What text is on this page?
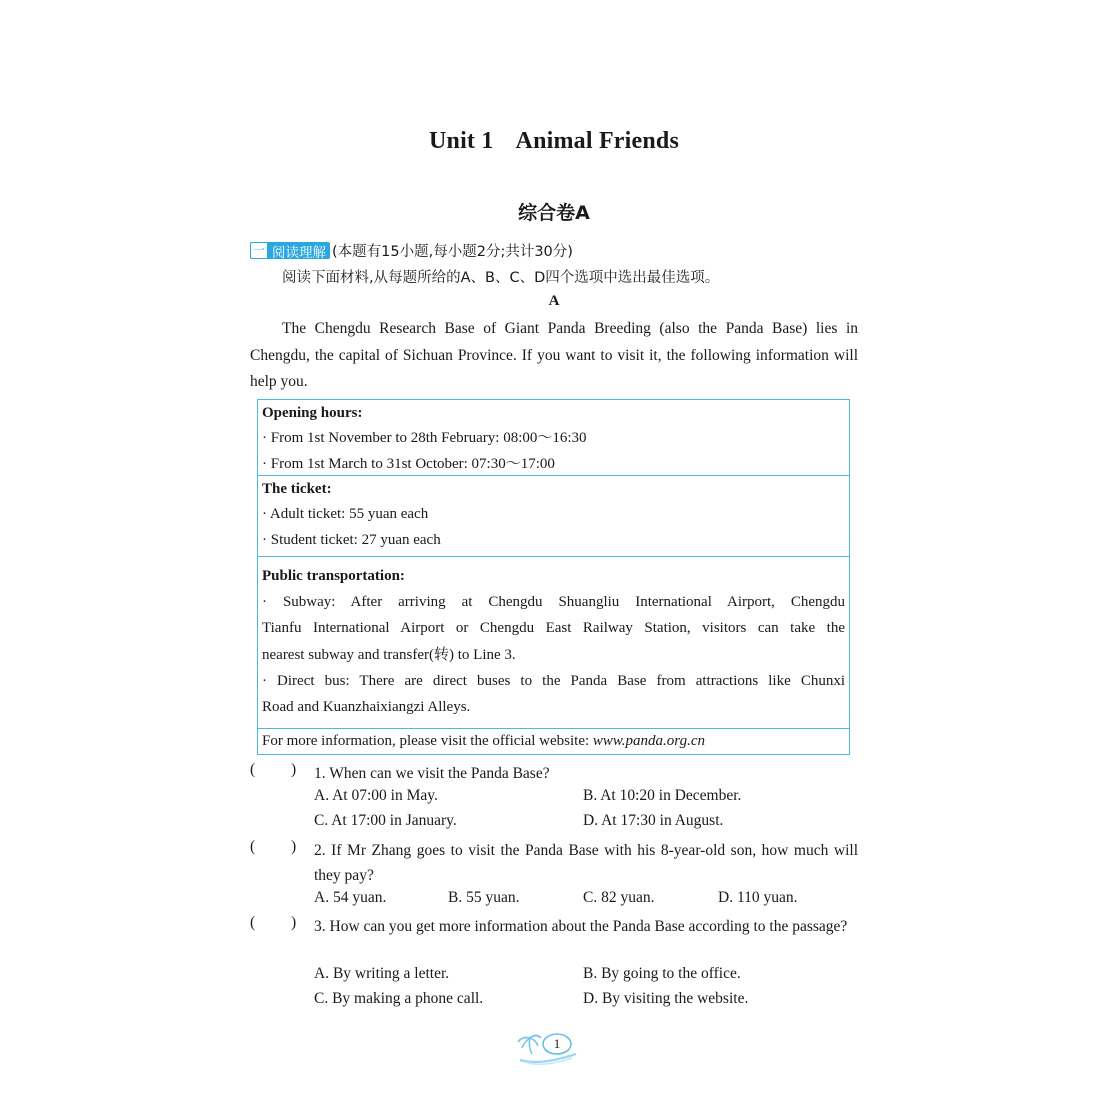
Unit 1 Animal Friends
综合卷A
一 阅读理解 (本题有15小题,每小题2分;共计30分)
阅读下面材料,从每题所给的A、B、C、D四个选项中选出最佳选项。
A
The Chengdu Research Base of Giant Panda Breeding (also the Panda Base) lies in Chengdu, the capital of Sichuan Province. If you want to visit it, the following information will help you.
Opening hours:
· From 1st November to 28th February: 08:00～16:30
· From 1st March to 31st October: 07:30～17:00
The ticket:
· Adult ticket: 55 yuan each
· Student ticket: 27 yuan each
Public transportation:
· Subway: After arriving at Chengdu Shuangliu International Airport, Chengdu
Tianfu International Airport or Chengdu East Railway Station, visitors can take the
nearest subway and transfer(转) to Line 3.
· Direct bus: There are direct buses to the Panda Base from attractions like Chunxi
Road and Kuanzhaixiangzi Alleys.
For more information, please visit the official website: www.panda.org.cn
( ) 1. When can we visit the Panda Base?
A. At 07:00 in May.	B. At 10:20 in December.
C. At 17:00 in January.	D. At 17:30 in August.
( ) 2. If Mr Zhang goes to visit the Panda Base with his 8-year-old son, how much will they pay?
A. 54 yuan.	B. 55 yuan.	C. 82 yuan.	D. 110 yuan.
( ) 3. How can you get more information about the Panda Base according to the passage?
A. By writing a letter.	B. By going to the office.
C. By making a phone call.	D. By visiting the website.
1
